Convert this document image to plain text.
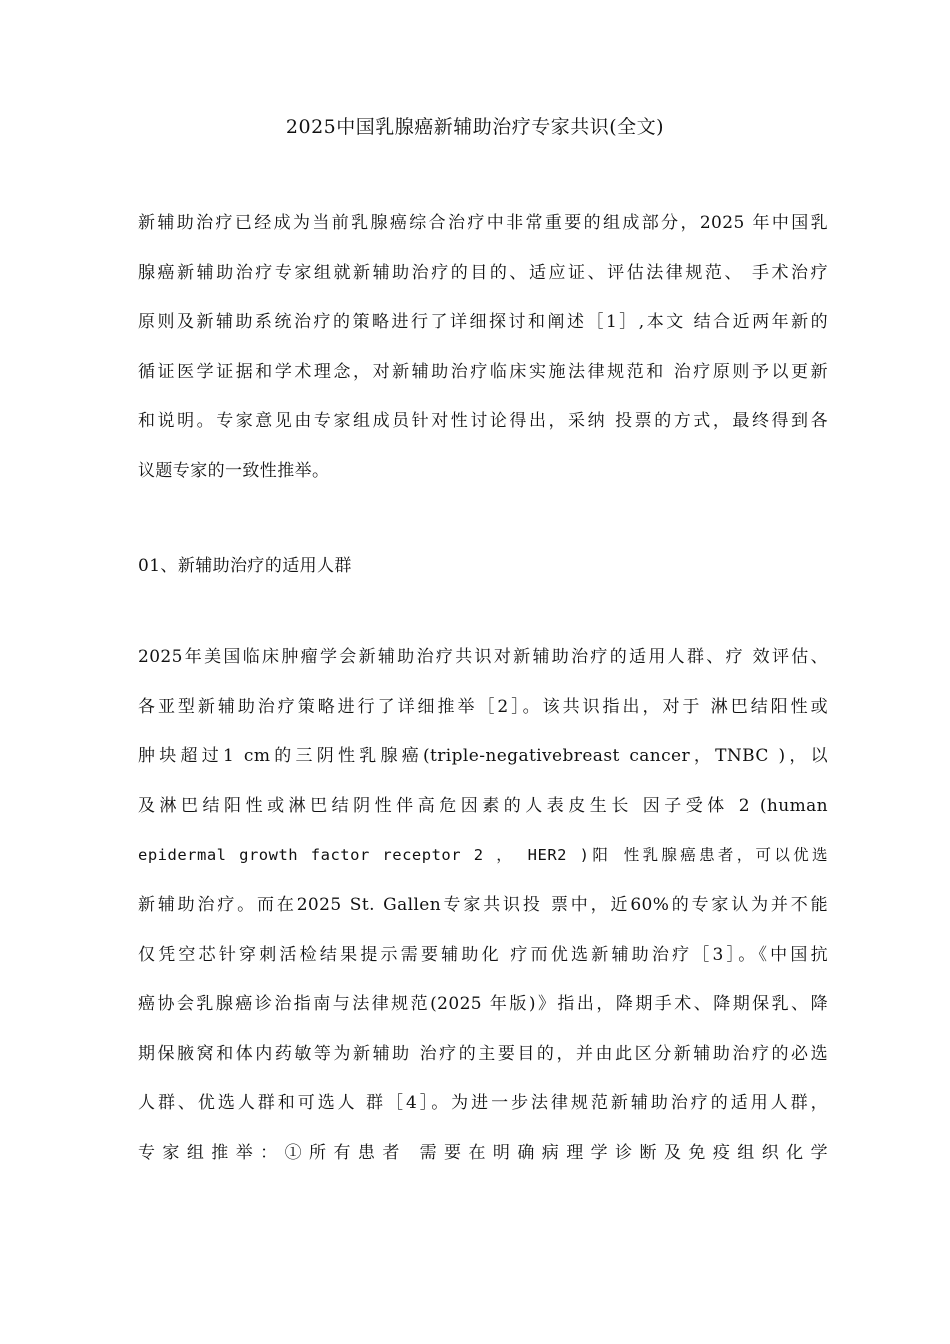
2025中国乳腺癌新辅助治疗专家共识(全文)
新辅助治疗已经成为当前乳腺癌综合治疗中非常重要的组成部分，2025 年中国乳
腺癌新辅助治疗专家组就新辅助治疗的目的、适应证、评估法律规范、 手术治疗
原则及新辅助系统治疗的策略进行了详细探讨和阐述［1］,本文 结合近两年新的
循证医学证据和学术理念，对新辅助治疗临床实施法律规范和 治疗原则予以更新
和说明。专家意见由专家组成员针对性讨论得出，采纳 投票的方式，最终得到各
议题专家的一致性推举。
01、新辅助治疗的适用人群
2025年美国临床肿瘤学会新辅助治疗共识对新辅助治疗的适用人群、疗 效评估、
各亚型新辅助治疗策略进行了详细推举［2］。该共识指出，对于 淋巴结阳性或
肿块超过1 cm的三阴性乳腺癌(triple-negativebreast cancer，TNBC )，以
及淋巴结阳性或淋巴结阴性伴高危因素的人表皮生长 因子受体 2 (human
epidermal growth factor receptor 2 ， HER2 )阳 性乳腺癌患者，可以优选
新辅助治疗。而在2025 St. Gallen专家共识投 票中，近60%的专家认为并不能
仅凭空芯针穿刺活检结果提示需要辅助化 疗而优选新辅助治疗［3］。《中国抗
癌协会乳腺癌诊治指南与法律规范(2025 年版)》指出，降期手术、降期保乳、降
期保腋窝和体内药敏等为新辅助 治疗的主要目的，并由此区分新辅助治疗的必选
人群、优选人群和可选人 群［4］。为进一步法律规范新辅助治疗的适用人群，
专家组推举：①所有患者 需要在明确病理学诊断及免疫组织化学
